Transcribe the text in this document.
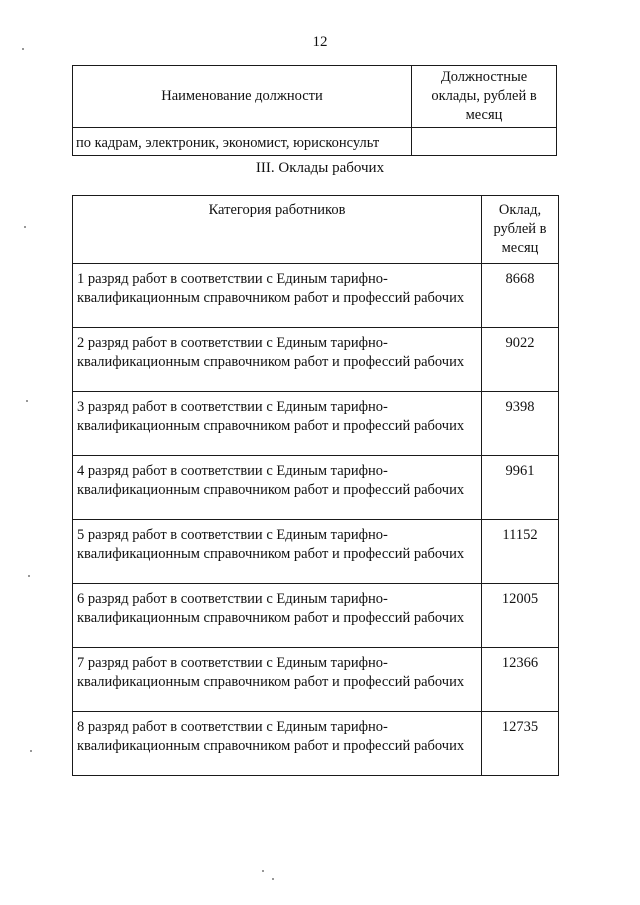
12
Наименование должности	Должностные оклады, рублей в месяц
по кадрам, электроник, экономист, юрисконсульт	
III. Оклады рабочих
Категория работников	Оклад, рублей в месяц
1 разряд работ в соответствии с Единым тарифно-квалификационным справочником работ и профессий рабочих	8668
2 разряд работ в соответствии с Единым тарифно-квалификационным справочником работ и профессий рабочих	9022
3 разряд работ в соответствии с Единым тарифно-квалификационным справочником работ и профессий рабочих	9398
4 разряд работ в соответствии с Единым тарифно-квалификационным справочником работ и профессий рабочих	9961
5 разряд работ в соответствии с Единым тарифно-квалификационным справочником работ и профессий рабочих	11152
6 разряд работ в соответствии с Единым тарифно-квалификационным справочником работ и профессий рабочих	12005
7 разряд работ в соответствии с Единым тарифно-квалификационным справочником работ и профессий рабочих	12366
8 разряд работ в соответствии с Единым тарифно-квалификационным справочником работ и профессий рабочих	12735
